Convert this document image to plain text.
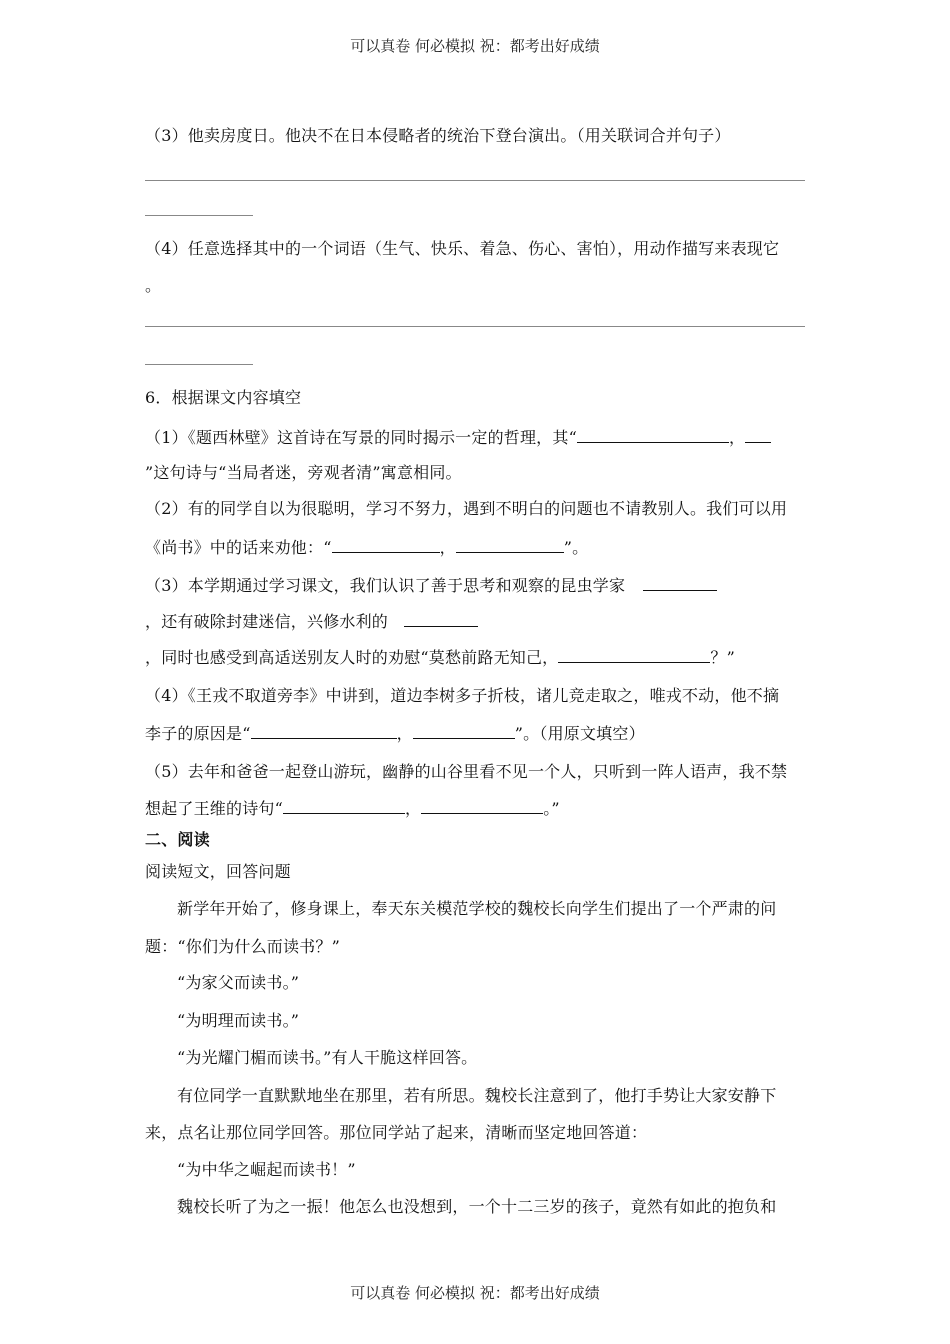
可以真卷 何必模拟 祝：都考出好成绩
（3）他卖房度日。他决不在日本侵略者的统治下登台演出。（用关联词合并句子）
（4）任意选择其中的一个词语（生气、快乐、着急、伤心、害怕），用动作描写来表现它
。
6．根据课文内容填空
（1）《题西林壁》这首诗在写景的同时揭示一定的哲理，其“	，
”这句诗与“当局者迷，旁观者清”寓意相同。
（2）有的同学自以为很聪明，学习不努力，遇到不明白的问题也不请教别人。我们可以用
《尚书》中的话来劝他：“	，	”。
（3）本学期通过学习课文，我们认识了善于思考和观察的昆虫学家
，还有破除封建迷信，兴修水利的
，同时也感受到高适送别友人时的劝慰“莫愁前路无知己，	？”
（4）《王戎不取道旁李》中讲到，道边李树多子折枝，诸儿竞走取之，唯戎不动，他不摘
李子的原因是“	，	”。（用原文填空）
（5）去年和爸爸一起登山游玩，幽静的山谷里看不见一个人，只听到一阵人语声，我不禁
想起了王维的诗句“	，	。”
二、阅读
阅读短文，回答问题
新学年开始了，修身课上，奉天东关模范学校的魏校长向学生们提出了一个严肃的问
题：“你们为什么而读书？”
“为家父而读书。”
“为明理而读书。”
“为光耀门楣而读书。”有人干脆这样回答。
有位同学一直默默地坐在那里，若有所思。魏校长注意到了，他打手势让大家安静下
来，点名让那位同学回答。那位同学站了起来，清晰而坚定地回答道：
“为中华之崛起而读书！”
魏校长听了为之一振！他怎么也没想到，一个十二三岁的孩子，竟然有如此的抱负和
可以真卷 何必模拟 祝：都考出好成绩
